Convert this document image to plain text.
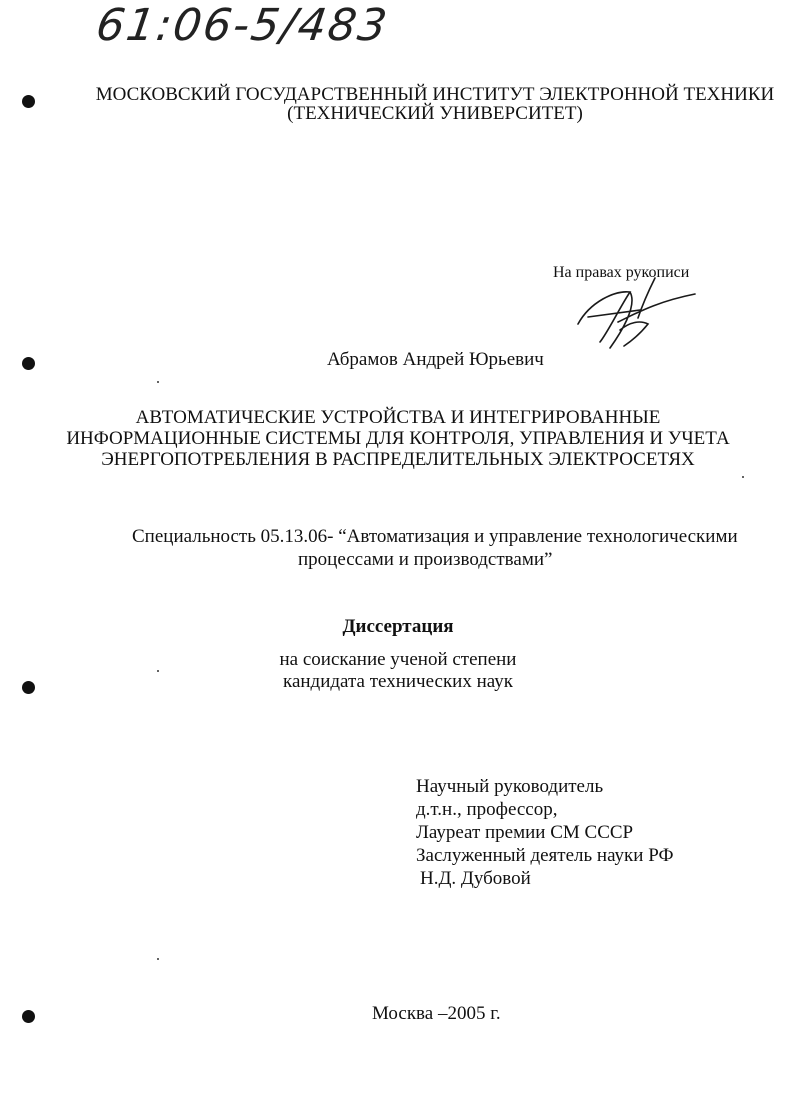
61:06-5/483
МОСКОВСКИЙ ГОСУДАРСТВЕННЫЙ ИНСТИТУТ ЭЛЕКТРОННОЙ ТЕХНИКИ
(ТЕХНИЧЕСКИЙ УНИВЕРСИТЕТ)
На правах рукописи
Абрамов Андрей Юрьевич
АВТОМАТИЧЕСКИЕ УСТРОЙСТВА И ИНТЕГРИРОВАННЫЕ
ИНФОРМАЦИОННЫЕ СИСТЕМЫ ДЛЯ КОНТРОЛЯ, УПРАВЛЕНИЯ И УЧЕТА
ЭНЕРГОПОТРЕБЛЕНИЯ В РАСПРЕДЕЛИТЕЛЬНЫХ ЭЛЕКТРОСЕТЯХ
Специальность 05.13.06- “Автоматизация и управление технологическими
процессами и производствами”
Диссертация
на соискание ученой степени
кандидата технических наук
Научный руководитель
д.т.н., профессор,
Лауреат премии СМ СССР
Заслуженный деятель науки РФ
Н.Д. Дубовой
Москва –2005 г.
